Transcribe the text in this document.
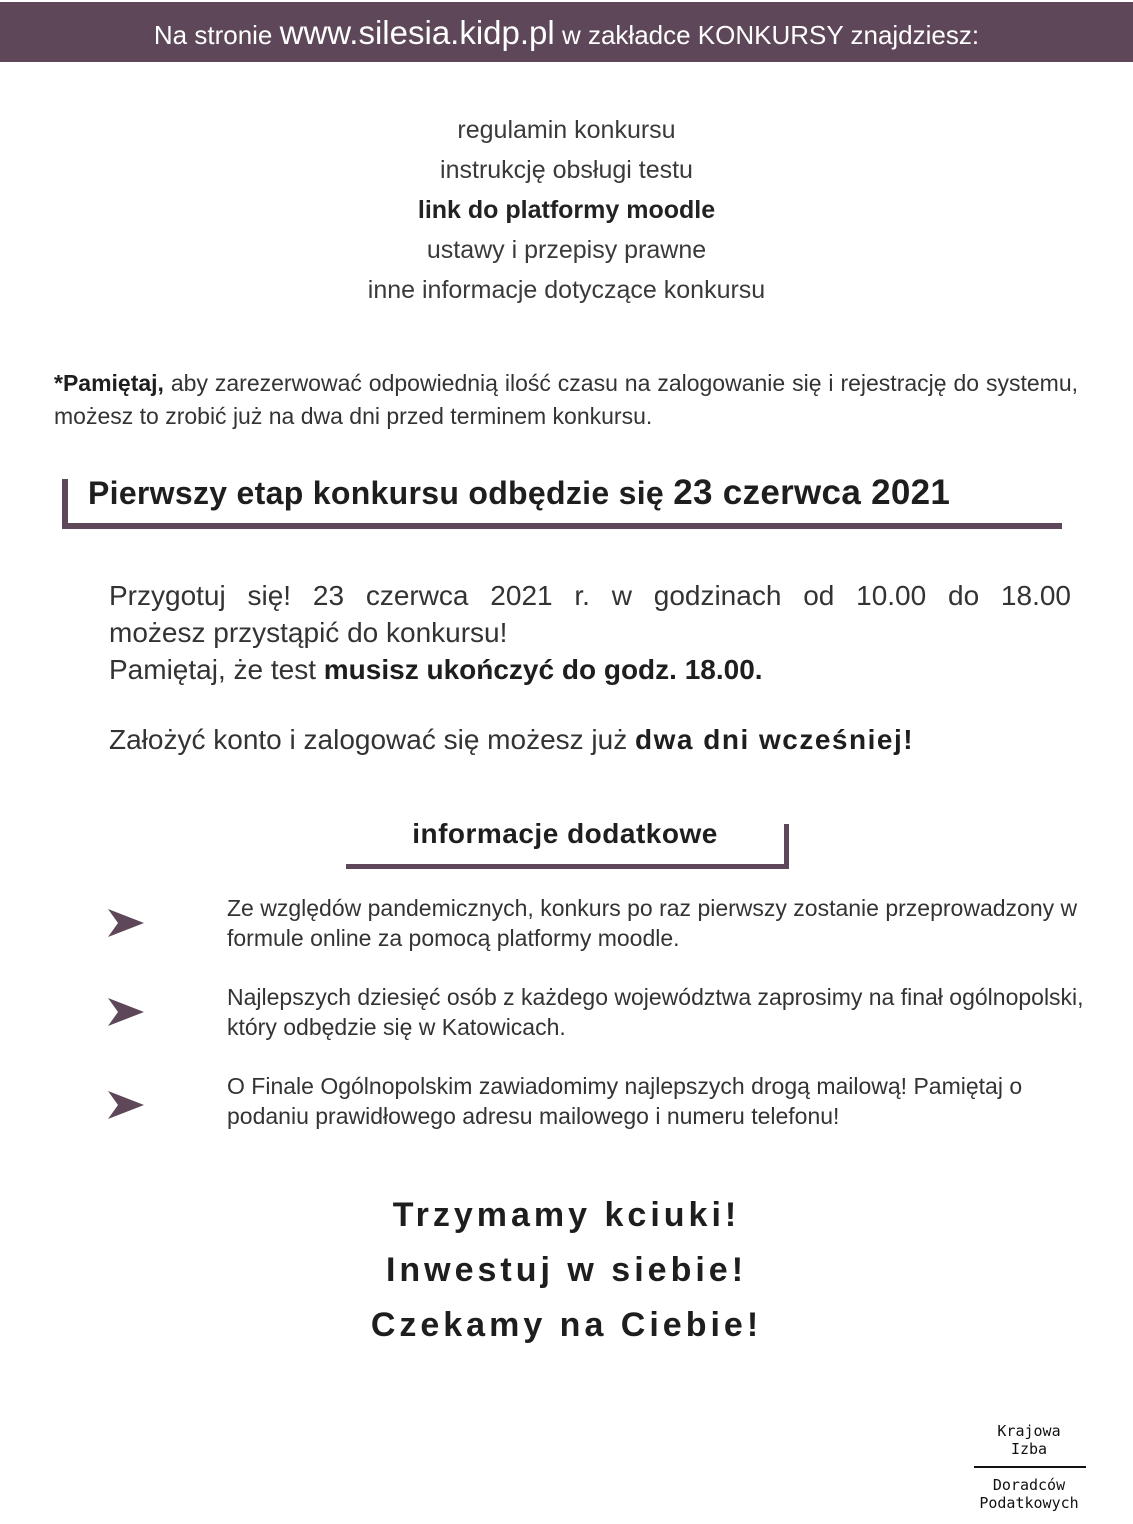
Na stronie www.silesia.kidp.pl w zakładce KONKURSY znajdziesz:
regulamin konkursu
instrukcję obsługi testu
link do platformy moodle
ustawy i przepisy prawne
inne informacje dotyczące konkursu
*Pamiętaj, aby zarezerwować odpowiednią ilość czasu na zalogowanie się i rejestrację do systemu, możesz to zrobić już na dwa dni przed terminem konkursu.
Pierwszy etap konkursu odbędzie się 23 czerwca 2021
Przygotuj się! 23 czerwca 2021 r. w godzinach od 10.00 do 18.00
możesz przystąpić do konkursu!
Pamiętaj, że test musisz ukończyć do godz. 18.00.
Założyć konto i zalogować się możesz już dwa dni wcześniej!
informacje dodatkowe
Ze względów pandemicznych, konkurs po raz pierwszy zostanie przeprowadzony w formule online za pomocą platformy moodle.
Najlepszych dziesięć osób z każdego województwa zaprosimy na finał ogólnopolski, który odbędzie się w Katowicach.
O Finale Ogólnopolskim zawiadomimy najlepszych drogą mailową! Pamiętaj o podaniu prawidłowego adresu mailowego i numeru telefonu!
Trzymamy kciuki!
Inwestuj w siebie!
Czekamy na Ciebie!
Krajowa
Izba
Doradców
Podatkowych
